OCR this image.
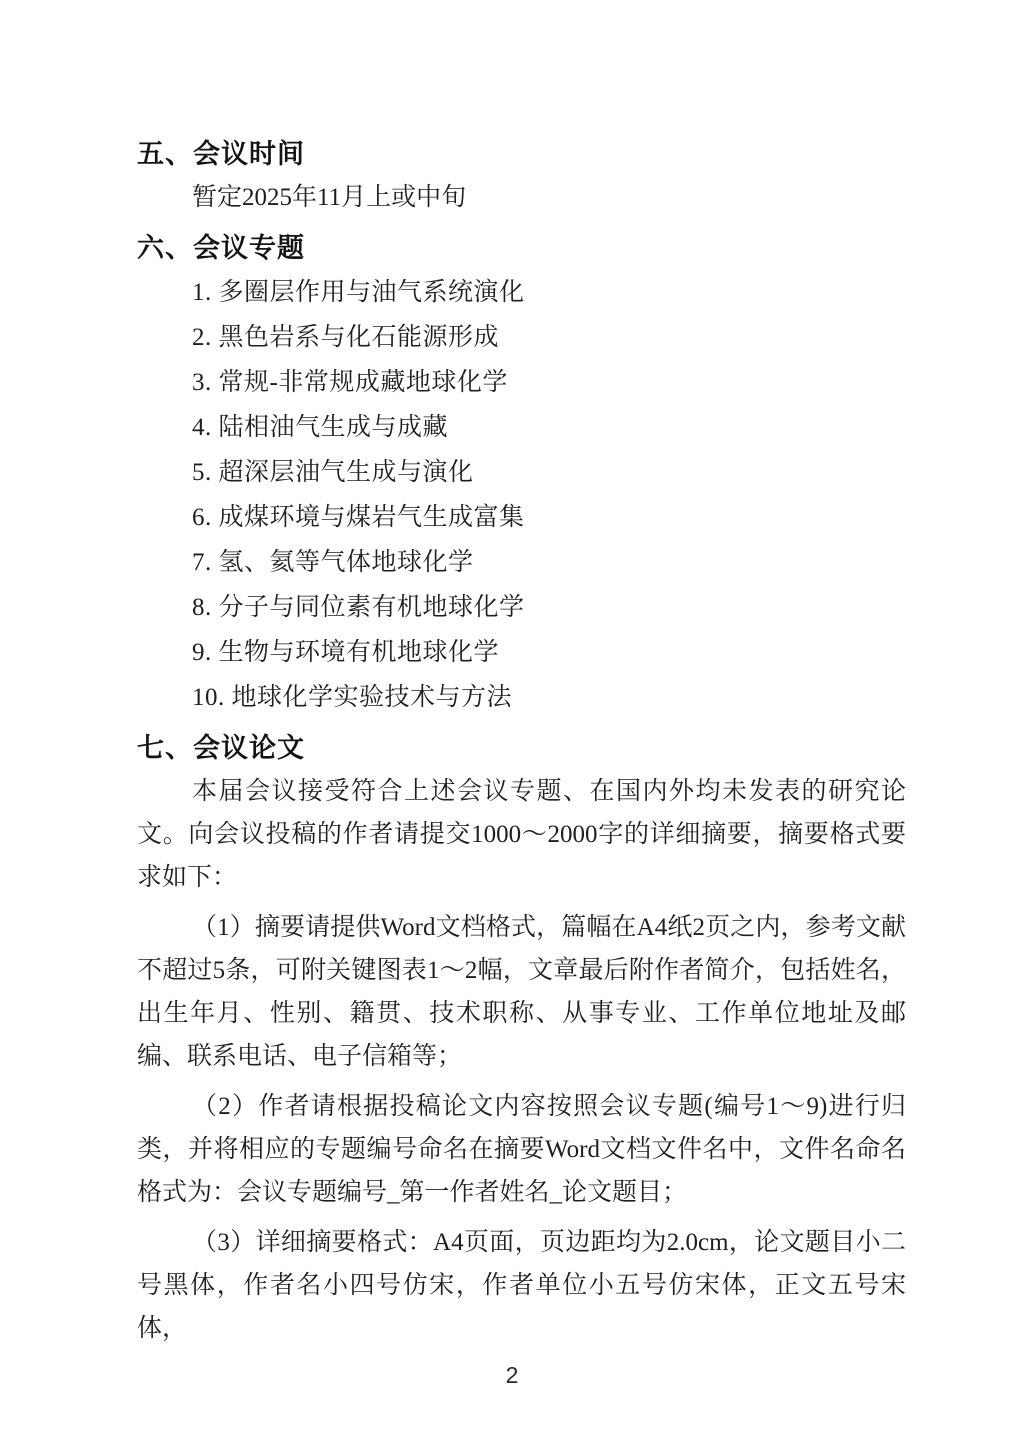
五、会议时间

暂定2025年11月上或中旬

六、会议专题
1. 多圈层作用与油气系统演化
2. 黑色岩系与化石能源形成
3. 常规-非常规成藏地球化学
4. 陆相油气生成与成藏
5. 超深层油气生成与演化
6. 成煤环境与煤岩气生成富集
7. 氢、氦等气体地球化学
8. 分子与同位素有机地球化学
9. 生物与环境有机地球化学
10. 地球化学实验技术与方法
七、会议论文

本届会议接受符合上述会议专题、在国内外均未发表的研究论文。向会议投稿的作者请提交1000～2000字的详细摘要，摘要格式要求如下：

（1）摘要请提供Word文档格式，篇幅在A4纸2页之内，参考文献不超过5条，可附关键图表1～2幅，文章最后附作者简介，包括姓名，出生年月、性别、籍贯、技术职称、从事专业、工作单位地址及邮编、联系电话、电子信箱等；

（2）作者请根据投稿论文内容按照会议专题(编号1～9)进行归类，并将相应的专题编号命名在摘要Word文档文件名中，文件名命名格式为：会议专题编号_第一作者姓名_论文题目；

（3）详细摘要格式：A4页面，页边距均为2.0cm，论文题目小二号黑体，作者名小四号仿宋，作者单位小五号仿宋体，正文五号宋体，

2
